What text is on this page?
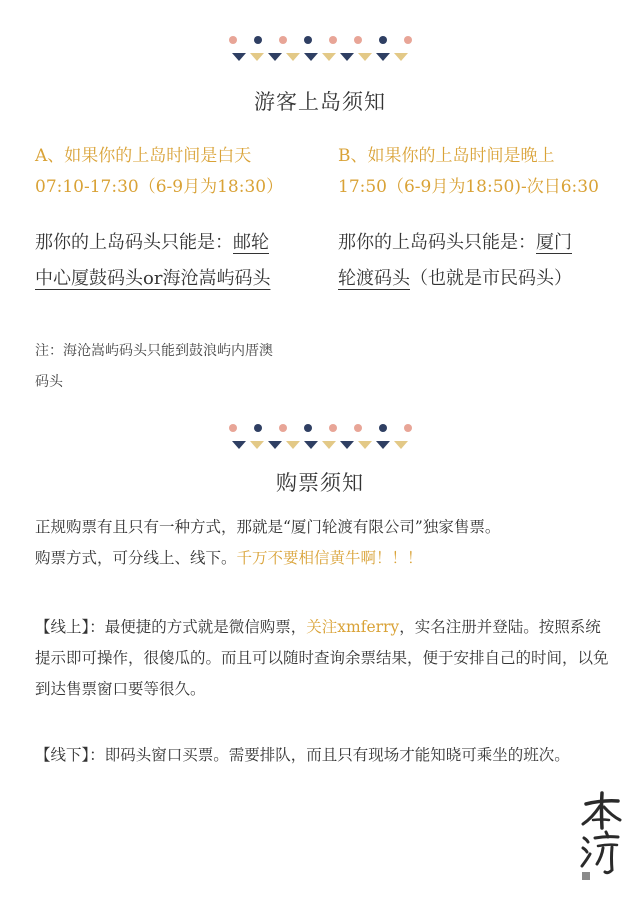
游客上岛须知
A、如果你的上岛时间是白天
07:10-17:30（6-9月为18:30）
那你的上岛码头只能是：邮轮
中心厦鼓码头or海沧嵩屿码头
B、如果你的上岛时间是晚上
17:50（6-9月为18:50)-次日6:30
那你的上岛码头只能是：厦门
轮渡码头（也就是市民码头）
注：海沧嵩屿码头只能到鼓浪屿内厝澳
码头
购票须知
正规购票有且只有一种方式，那就是“厦门轮渡有限公司”独家售票。
购票方式，可分线上、线下。千万不要相信黄牛啊！！！
【线上】：最便捷的方式就是微信购票，关注xmferry，实名注册并登陆。按照系统提示即可操作，很傻瓜的。而且可以随时查询余票结果，便于安排自己的时间，以免到达售票窗口要等很久。
【线下】：即码头窗口买票。需要排队，而且只有现场才能知晓可乘坐的班次。
